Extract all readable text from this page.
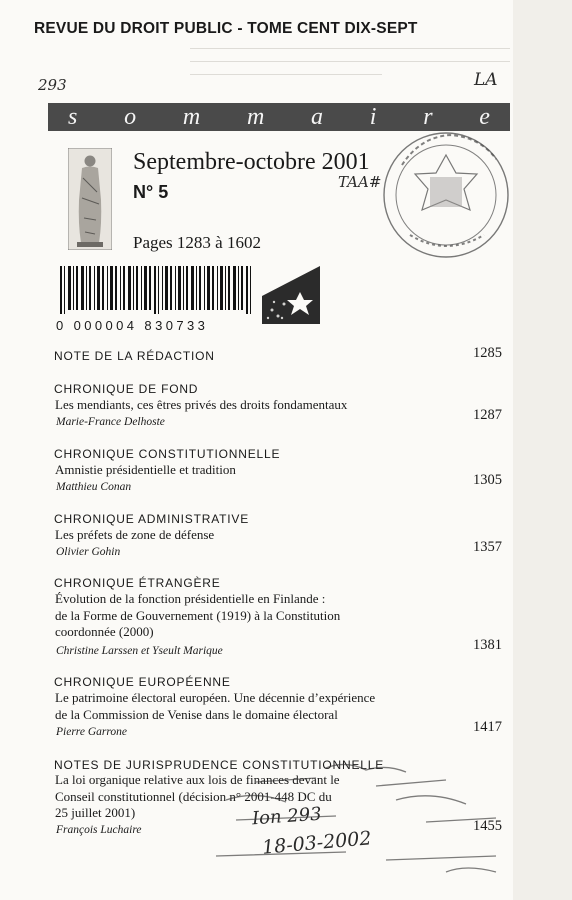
REVUE DU DROIT PUBLIC - TOME CENT DIX-SEPT
293	LA
TAA#
s o m m a i r e
Septembre-octobre 2001
N° 5
Pages 1283 à 1602
0 000004 830733
NOTE DE LA RÉDACTION	1285
CHRONIQUE DE FOND
Les mendiants, ces êtres privés des droits fondamentaux
Marie-France Delhoste	1287
CHRONIQUE CONSTITUTIONNELLE
Amnistie présidentielle et tradition
Matthieu Conan	1305
CHRONIQUE ADMINISTRATIVE
Les préfets de zone de défense
Olivier Gohin	1357
CHRONIQUE ÉTRANGÈRE
Évolution de la fonction présidentielle en Finlande :
de la Forme de Gouvernement (1919) à la Constitution
coordonnée (2000)
Christine Larssen et Yseult Marique	1381
CHRONIQUE EUROPÉENNE
Le patrimoine électoral européen. Une décennie d’expérience
de la Commission de Venise dans le domaine électoral
Pierre Garrone	1417
NOTES DE JURISPRUDENCE CONSTITUTIONNELLE
La loi organique relative aux lois de finances devant le
Conseil constitutionnel (décision n° 2001-448 DC du
25 juillet 2001)
François Luchaire	1455
Ion 293
18-03-2002
